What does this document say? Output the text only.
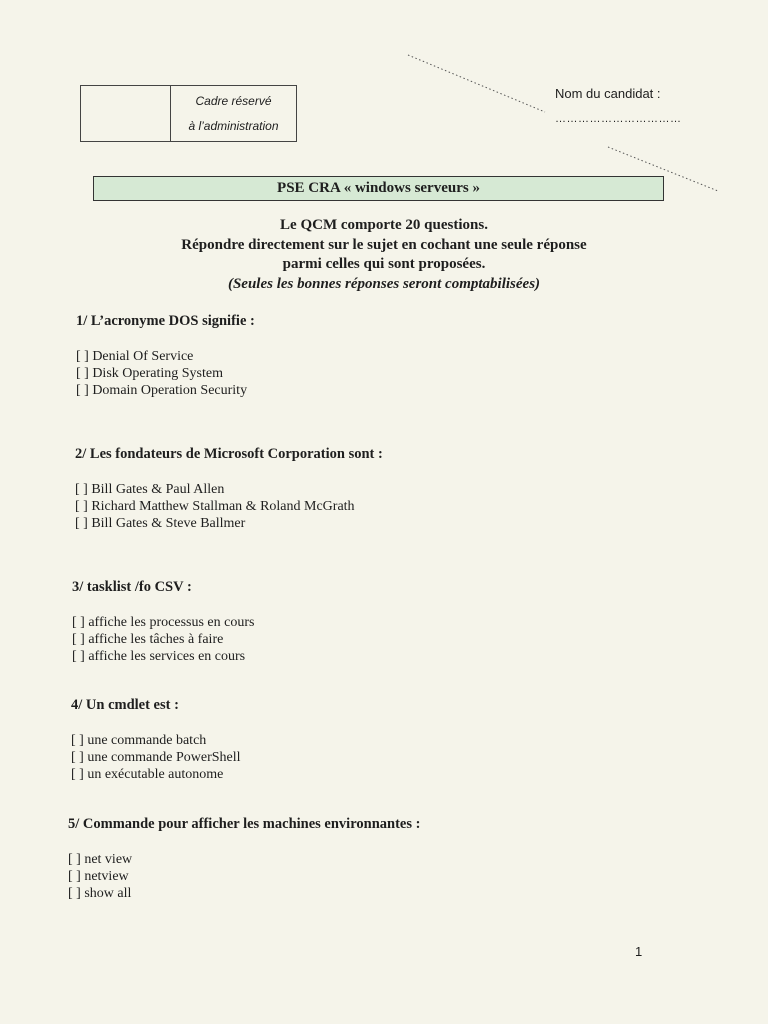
Cadre réservé
à l’administration
Nom du candidat :
……………………………
PSE CRA « windows serveurs »
Le QCM comporte 20 questions.
Répondre directement sur le sujet en cochant une seule réponse
parmi celles qui sont proposées.
(Seules les bonnes réponses seront comptabilisées)

1/ L’acronyme DOS signifie :

[ ] Denial Of Service
[ ] Disk Operating System
[ ] Domain Operation Security

2/ Les fondateurs de Microsoft Corporation sont :

[ ] Bill Gates & Paul Allen
[ ] Richard Matthew Stallman & Roland McGrath
[ ] Bill Gates & Steve Ballmer

3/ tasklist /fo CSV :

[ ] affiche les processus en cours
[ ] affiche les tâches à faire
[ ] affiche les services en cours

4/ Un cmdlet est :

[ ] une commande batch
[ ] une commande PowerShell
[ ] un exécutable autonome

5/ Commande pour afficher les machines environnantes :

[ ] net view
[ ] netview
[ ] show all
1
